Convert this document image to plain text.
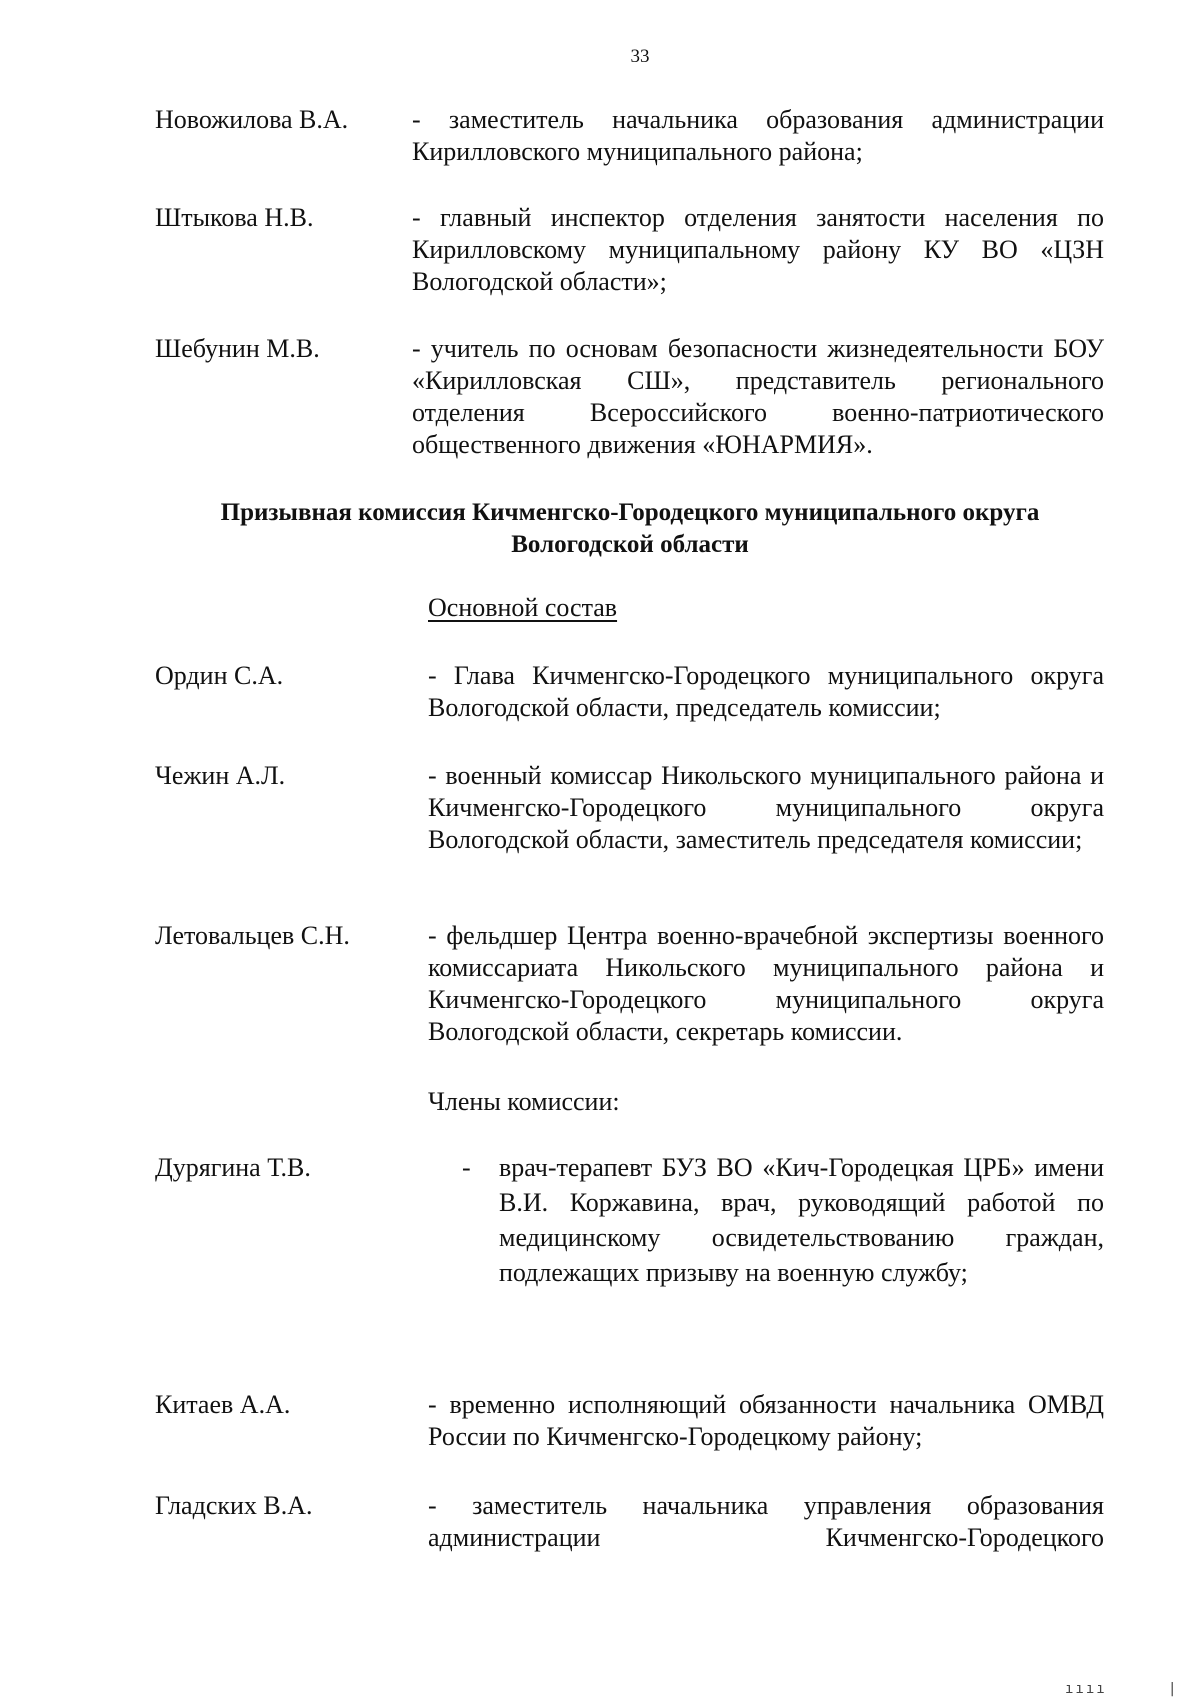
33
Новожилова В.А. - заместитель начальника образования администрации Кирилловского муниципального района;
Штыкова Н.В.	- главный инспектор отделения занятости населения по Кирилловскому муниципальному району КУ ВО «ЦЗН Вологодской области»;
Шебунин М.В.	- учитель по основам безопасности жизнедеятельности БОУ «Кирилловская СШ», представитель регионального отделения Всероссийского военно-патриотического общественного движения «ЮНАРМИЯ».
Призывная комиссия Кичменгско-Городецкого муниципального округа
Вологодской области
Основной состав
Ордин С.А.	- Глава Кичменгско-Городецкого муниципального округа Вологодской области, председатель комиссии;
Чежин А.Л.	- военный комиссар Никольского муниципального района и Кичменгско-Городецкого муниципального округа Вологодской области, заместитель председателя комиссии;
Летовальцев С.Н.	- фельдшер Центра военно-врачебной экспертизы военного комиссариата Никольского муниципального района и Кичменгско-Городецкого муниципального округа Вологодской области, секретарь комиссии.
Члены комиссии:
Дурягина Т.В.	- врач-терапевт БУЗ ВО «Кич-Городецкая ЦРБ» имени В.И. Коржавина, врач, руководящий работой по медицинскому освидетельствованию граждан, подлежащих призыву на военную службу;
Китаев А.А.	- временно исполняющий обязанности начальника ОМВД России по Кичменгско-Городецкому району;
Гладских В.А.	- заместитель начальника управления образования администрации Кичменгско-Городецкого
ıııı	|
